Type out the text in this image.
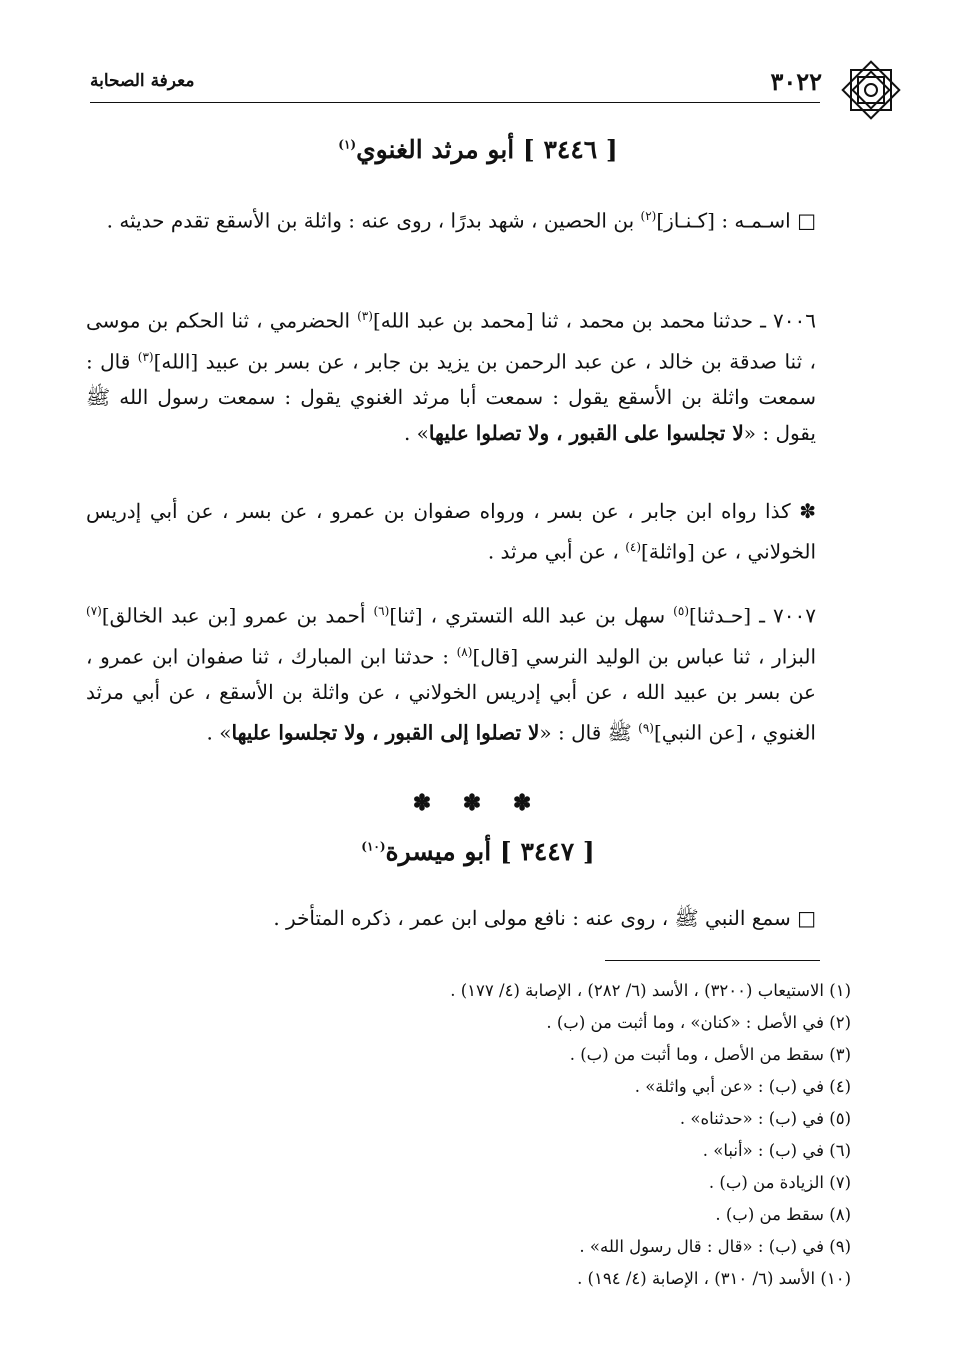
٣٠٢٢
معرفة الصحابة
[ ٣٤٤٦ ] أبو مرثد الغنوي$^{(١)}$
□ اسـمـه : [كـنـاز]$^{(٢)}$ بن الحصين ، شهد بدرًا ، روى عنه : واثلة بن الأسقع تقدم حديثه .
٧٠٠٦ ـ حدثنا محمد بن محمد ، ثنا [محمد بن عبد الله]$^{(٣)}$ الحضرمي ، ثنا الحكم بن موسى ، ثنا صدقة بن خالد ، عن عبد الرحمن بن يزيد بن جابر ، عن بسر بن عبيد [الله]$^{(٣)}$ قال : سمعت واثلة بن الأسقع يقول : سمعت أبا مرثد الغنوي يقول : سمعت رسول الله ﷺ يقول : «لا تجلسوا على القبور ، ولا تصلوا عليها» .
✽ كذا رواه ابن جابر ، عن بسر ، ورواه صفوان بن عمرو ، عن بسر ، عن أبي إدريس الخولاني ، عن [واثلة]$^{(٤)}$ ، عن أبي مرثد .
٧٠٠٧ ـ [حـدثنا]$^{(٥)}$ سهل بن عبد الله التستري ، [ثنا]$^{(٦)}$ أحمد بن عمرو [بن عبد الخالق]$^{(٧)}$ البزار ، ثنا عباس بن الوليد النرسي [قال]$^{(٨)}$ : حدثنا ابن المبارك ، ثنا صفوان ابن عمرو ، عن بسر بن عبيد الله ، عن أبي إدريس الخولاني ، عن واثلة بن الأسقع ، عن أبي مرثد الغنوي ، [عن النبي]$^{(٩)}$ ﷺ قال : «لا تصلوا إلى القبور ، ولا تجلسوا عليها» .
✽ ✽ ✽
[ ٣٤٤٧ ] أبو ميسرة$^{(١٠)}$
□ سمع النبي ﷺ ، روى عنه : نافع مولى ابن عمر ، ذكره المتأخر .
(١) الاستيعاب (٣٢٠٠) ، الأسد (٦/ ٢٨٢) ، الإصابة (٤/ ١٧٧) .
(٢) في الأصل : «كنان» ، وما أثبت من (ب) .
(٣) سقط من الأصل ، وما أثبت من (ب) .
(٤) في (ب) : «عن أبي واثلة» .
(٥) في (ب) : «حدثناه» .
(٦) في (ب) : «أنبا» .
(٧) الزيادة من (ب) .
(٨) سقط من (ب) .
(٩) في (ب) : «قال : قال رسول الله» .
(١٠) الأسد (٦/ ٣١٠) ، الإصابة (٤/ ١٩٤) .
